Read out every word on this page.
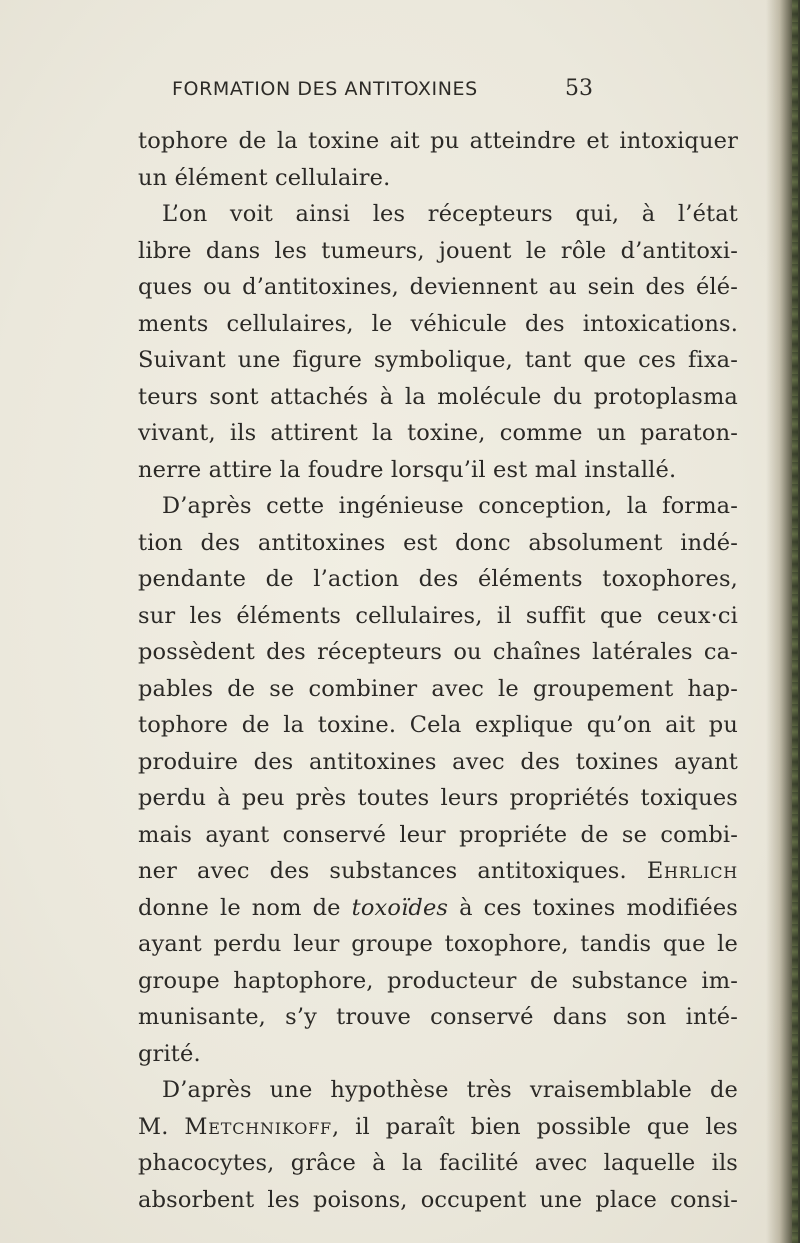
FORMATION DES ANTITOXINES	53
tophore de la toxine ait pu atteindre et intoxiquer
un élément cellulaire.
L’on voit ainsi les récepteurs qui, à l’état
libre dans les tumeurs, jouent le rôle d’antitoxi-
ques ou d’antitoxines, deviennent au sein des élé-
ments cellulaires, le véhicule des intoxications.
Suivant une figure symbolique, tant que ces fixa-
teurs sont attachés à la molécule du protoplasma
vivant, ils attirent la toxine, comme un paraton-
nerre attire la foudre lorsqu’il est mal installé.
D’après cette ingénieuse conception, la forma-
tion des antitoxines est donc absolument indé-
pendante de l’action des éléments toxophores,
sur les éléments cellulaires, il suffit que ceux·ci
possèdent des récepteurs ou chaînes latérales ca-
pables de se combiner avec le groupement hap-
tophore de la toxine. Cela explique qu’on ait pu
produire des antitoxines avec des toxines ayant
perdu à peu près toutes leurs propriétés toxiques
mais ayant conservé leur propriéte de se combi-
ner avec des substances antitoxiques. Ehrlich
donne le nom de toxoïdes à ces toxines modifiées
ayant perdu leur groupe toxophore, tandis que le
groupe haptophore, producteur de substance im-
munisante, s’y trouve conservé dans son inté-
grité.
D’après une hypothèse très vraisemblable de
M. Metchnikoff, il paraît bien possible que les
phacocytes, grâce à la facilité avec laquelle ils
absorbent les poisons, occupent une place consi-
